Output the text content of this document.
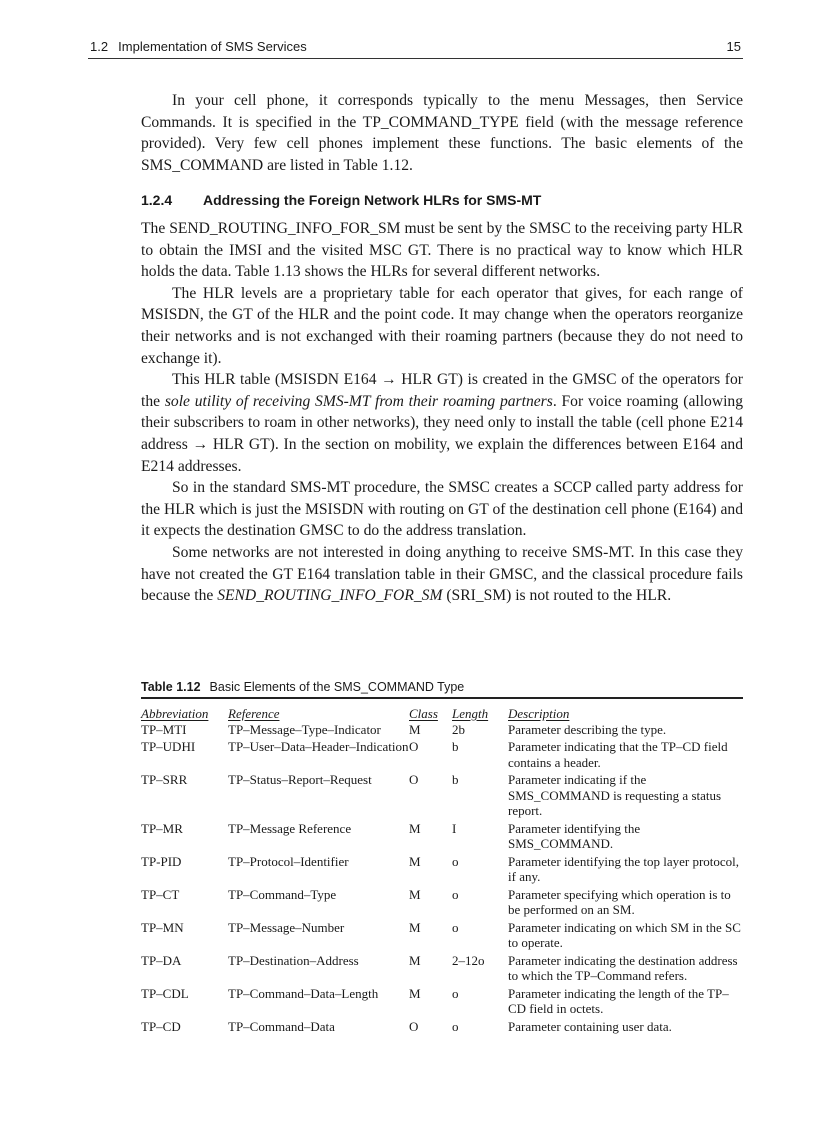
1.2  Implementation of SMS Services	15

In your cell phone, it corresponds typically to the menu Messages, then Service Commands. It is specified in the TP_COMMAND_TYPE field (with the message reference provided). Very few cell phones implement these functions. The basic elements of the SMS_COMMAND are listed in Table 1.12.

1.2.4 Addressing the Foreign Network HLRs for SMS-MT

The SEND_ROUTING_INFO_FOR_SM must be sent by the SMSC to the receiving party HLR to obtain the IMSI and the visited MSC GT. There is no practical way to know which HLR holds the data. Table 1.13 shows the HLRs for several different networks.

The HLR levels are a proprietary table for each operator that gives, for each range of MSISDN, the GT of the HLR and the point code. It may change when the operators reorganize their networks and is not exchanged with their roaming partners (because they do not need to exchange it).

This HLR table (MSISDN E164 → HLR GT) is created in the GMSC of the operators for the sole utility of receiving SMS-MT from their roaming partners. For voice roaming (allowing their subscribers to roam in other networks), they need only to install the table (cell phone E214 address → HLR GT). In the section on mobility, we explain the differences between E164 and E214 addresses.

So in the standard SMS-MT procedure, the SMSC creates a SCCP called party address for the HLR which is just the MSISDN with routing on GT of the destination cell phone (E164) and it expects the destination GMSC to do the address translation.

Some networks are not interested in doing anything to receive SMS-MT. In this case they have not created the GT E164 translation table in their GMSC, and the classical procedure fails because the SEND_ROUTING_INFO_FOR_SM (SRI_SM) is not routed to the HLR.

Table 1.12 Basic Elements of the SMS_COMMAND Type
Abbreviation	Reference	Class	Length	Description
TP–MTI	TP–Message–Type–Indicator	M	2b	Parameter describing the type.
TP–UDHI	TP–User–Data–Header–Indication	O	b	Parameter indicating that the TP–CD field contains a header.
TP–SRR	TP–Status–Report–Request	O	b	Parameter indicating if the SMS_COMMAND is requesting a status report.
TP–MR	TP–Message Reference	M	I	Parameter identifying the SMS_COMMAND.
TP-PID	TP–Protocol–Identifier	M	o	Parameter identifying the top layer protocol, if any.
TP–CT	TP–Command–Type	M	o	Parameter specifying which operation is to be performed on an SM.
TP–MN	TP–Message–Number	M	o	Parameter indicating on which SM in the SC to operate.
TP–DA	TP–Destination–Address	M	2–12o	Parameter indicating the destination address to which the TP–Command refers.
TP–CDL	TP–Command–Data–Length	M	o	Parameter indicating the length of the TP–CD field in octets.
TP–CD	TP–Command–Data	O	o	Parameter containing user data.
